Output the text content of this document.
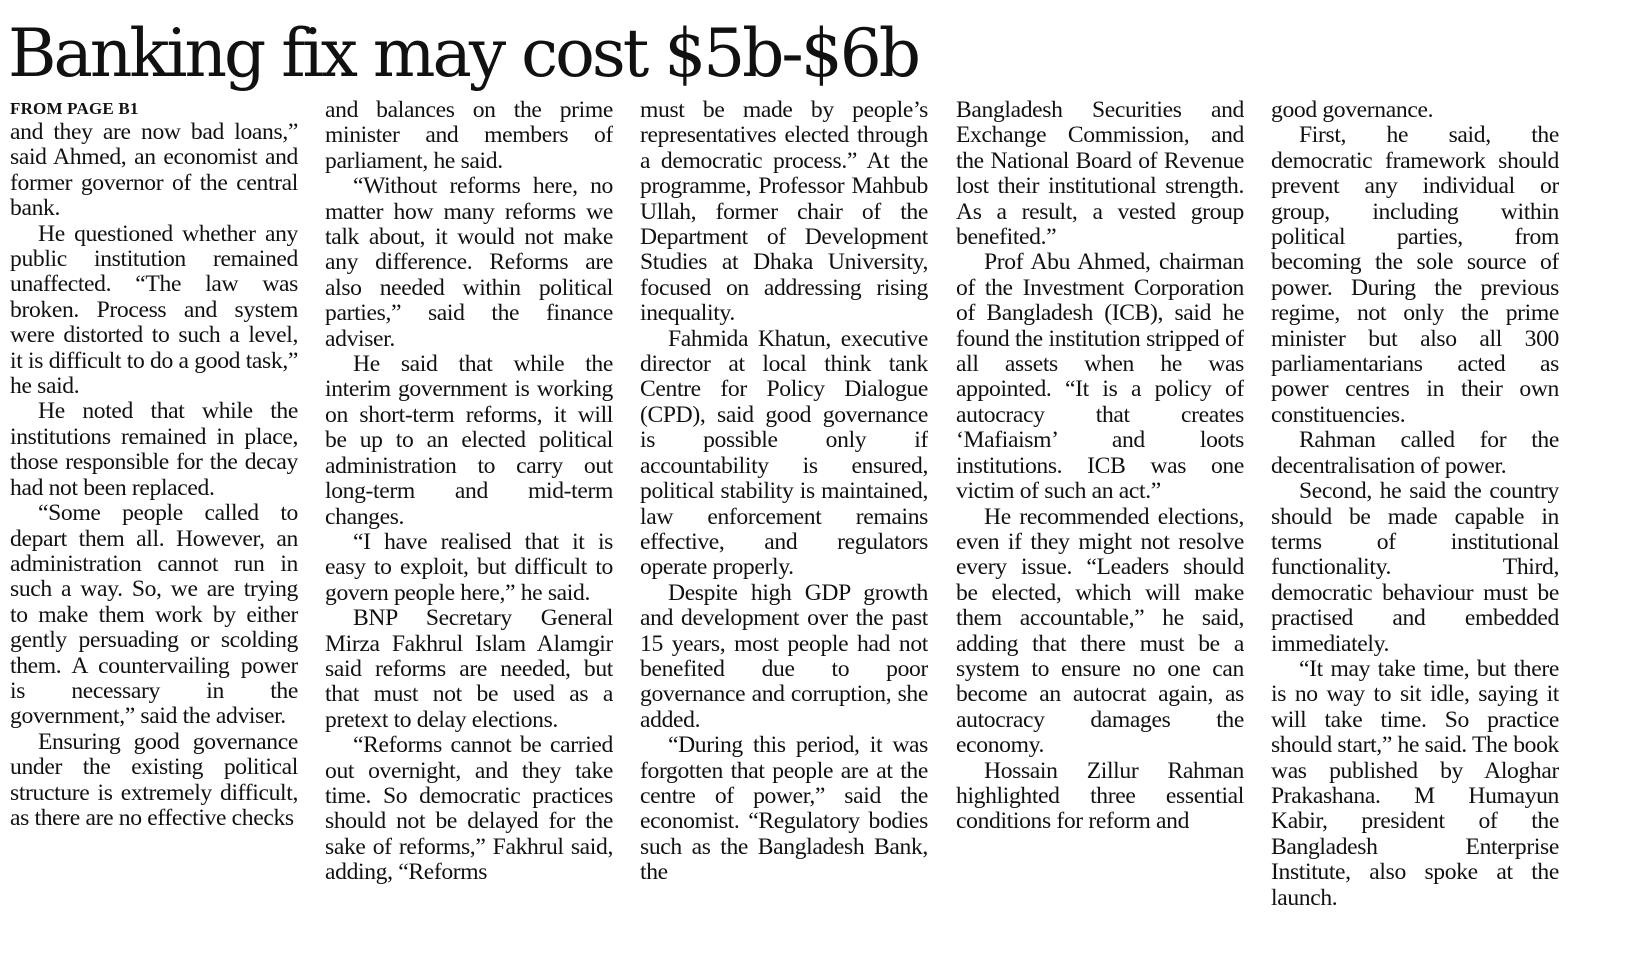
Banking fix may cost $5b-$6b
FROM PAGE B1

and they are now bad loans,” said Ahmed, an economist and former governor of the central bank.

He questioned whether any public institution remained unaffected. “The law was broken. Process and system were distorted to such a level, it is difficult to do a good task,” he said.

He noted that while the institutions remained in place, those responsible for the decay had not been replaced.

“Some people called to depart them all. However, an administration cannot run in such a way. So, we are trying to make them work by either gently persuading or scolding them. A countervailing power is necessary in the government,” said the adviser.

Ensuring good governance under the existing political structure is extremely difficult, as there are no effective checks

and balances on the prime minister and members of parliament, he said.

“Without reforms here, no matter how many reforms we talk about, it would not make any difference. Reforms are also needed within political parties,” said the finance adviser.

He said that while the interim government is working on short-term reforms, it will be up to an elected political administration to carry out long-term and mid-term changes.

“I have realised that it is easy to exploit, but difficult to govern people here,” he said.

BNP Secretary General Mirza Fakhrul Islam Alamgir said reforms are needed, but that must not be used as a pretext to delay elections.

“Reforms cannot be carried out overnight, and they take time. So democratic practices should not be delayed for the sake of reforms,” Fakhrul said, adding, “Reforms

must be made by people’s representatives elected through a democratic process.” At the programme, Professor Mahbub Ullah, former chair of the Department of Development Studies at Dhaka University, focused on addressing rising inequality.

Fahmida Khatun, executive director at local think tank Centre for Policy Dialogue (CPD), said good governance is possible only if accountability is ensured, political stability is maintained, law enforcement remains effective, and regulators operate properly.

Despite high GDP growth and development over the past 15 years, most people had not benefited due to poor governance and corruption, she added.

“During this period, it was forgotten that people are at the centre of power,” said the economist. “Regulatory bodies such as the Bangladesh Bank, the

Bangladesh Securities and Exchange Commission, and the National Board of Revenue lost their institutional strength. As a result, a vested group benefited.”

Prof Abu Ahmed, chairman of the Investment Corporation of Bangladesh (ICB), said he found the institution stripped of all assets when he was appointed. “It is a policy of autocracy that creates ‘Mafiaism’ and loots institutions. ICB was one victim of such an act.”

He recommended elections, even if they might not resolve every issue. “Leaders should be elected, which will make them accountable,” he said, adding that there must be a system to ensure no one can become an autocrat again, as autocracy damages the economy.

Hossain Zillur Rahman highlighted three essential conditions for reform and

good governance.

First, he said, the democratic framework should prevent any individual or group, including within political parties, from becoming the sole source of power. During the previous regime, not only the prime minister but also all 300 parliamentarians acted as power centres in their own constituencies.

Rahman called for the decentralisation of power.

Second, he said the country should be made capable in terms of institutional functionality. Third, democratic behaviour must be practised and embedded immediately.

“It may take time, but there is no way to sit idle, saying it will take time. So practice should start,” he said. The book was published by Aloghar Prakashana. M Humayun Kabir, president of the Bangladesh Enterprise Institute, also spoke at the launch.
